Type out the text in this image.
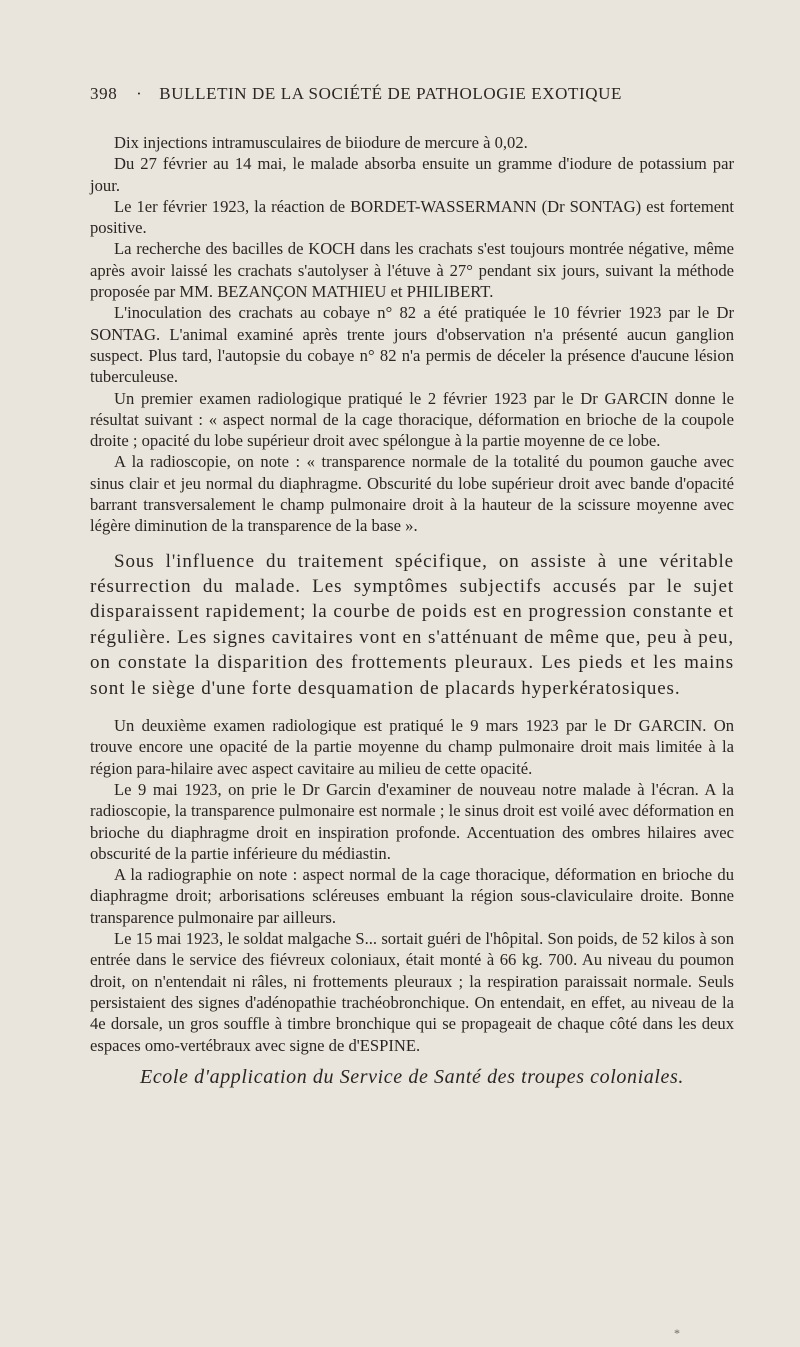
398 · BULLETIN DE LA SOCIÉTÉ DE PATHOLOGIE EXOTIQUE

Dix injections intramusculaires de biiodure de mercure à 0,02.

Du 27 février au 14 mai, le malade absorba ensuite un gramme d'iodure de potassium par jour.

Le 1er février 1923, la réaction de BORDET-WASSERMANN (Dr SONTAG) est fortement positive.

La recherche des bacilles de KOCH dans les crachats s'est toujours montrée négative, même après avoir laissé les crachats s'autolyser à l'étuve à 27° pendant six jours, suivant la méthode proposée par MM. BEZANÇON MATHIEU et PHILIBERT.

L'inoculation des crachats au cobaye n° 82 a été pratiquée le 10 février 1923 par le Dr SONTAG. L'animal examiné après trente jours d'observation n'a présenté aucun ganglion suspect. Plus tard, l'autopsie du cobaye n° 82 n'a permis de déceler la présence d'aucune lésion tuberculeuse.

Un premier examen radiologique pratiqué le 2 février 1923 par le Dr GARCIN donne le résultat suivant : « aspect normal de la cage thoracique, déformation en brioche de la coupole droite ; opacité du lobe supérieur droit avec spélongue à la partie moyenne de ce lobe.

A la radioscopie, on note : « transparence normale de la totalité du poumon gauche avec sinus clair et jeu normal du diaphragme. Obscurité du lobe supérieur droit avec bande d'opacité barrant transversalement le champ pulmonaire droit à la hauteur de la scissure moyenne avec légère diminution de la transparence de la base ».

Sous l'influence du traitement spécifique, on assiste à une véritable résurrection du malade. Les symptômes subjectifs accusés par le sujet disparaissent rapidement; la courbe de poids est en progression constante et régulière. Les signes cavitaires vont en s'atténuant de même que, peu à peu, on constate la disparition des frottements pleuraux. Les pieds et les mains sont le siège d'une forte desquamation de placards hyperkératosiques.

Un deuxième examen radiologique est pratiqué le 9 mars 1923 par le Dr GARCIN. On trouve encore une opacité de la partie moyenne du champ pulmonaire droit mais limitée à la région para-hilaire avec aspect cavitaire au milieu de cette opacité.

Le 9 mai 1923, on prie le Dr Garcin d'examiner de nouveau notre malade à l'écran. A la radioscopie, la transparence pulmonaire est normale ; le sinus droit est voilé avec déformation en brioche du diaphragme droit en inspiration profonde. Accentuation des ombres hilaires avec obscurité de la partie inférieure du médiastin.

A la radiographie on note : aspect normal de la cage thoracique, déformation en brioche du diaphragme droit; arborisations scléreuses embuant la région sous-claviculaire droite. Bonne transparence pulmonaire par ailleurs.

Le 15 mai 1923, le soldat malgache S... sortait guéri de l'hôpital. Son poids, de 52 kilos à son entrée dans le service des fiévreux coloniaux, était monté à 66 kg. 700. Au niveau du poumon droit, on n'entendait ni râles, ni frottements pleuraux ; la respiration paraissait normale. Seuls persistaient des signes d'adénopathie trachéobronchique. On entendait, en effet, au niveau de la 4e dorsale, un gros souffle à timbre bronchique qui se propageait de chaque côté dans les deux espaces omo-vertébraux avec signe de d'ESPINE.

Ecole d'application du Service de Santé des troupes coloniales.
*
